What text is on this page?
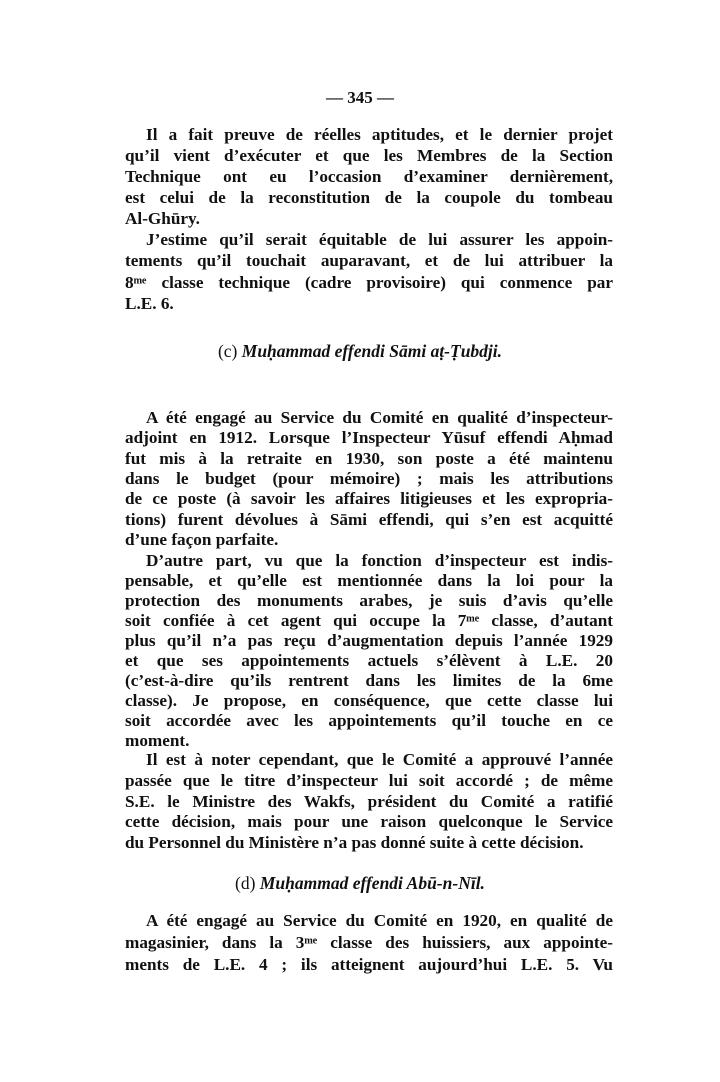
— 345 —
(c) Muḥammad effendi Sāmi aṭ-Ṭubdji.
(d) Muḥammad effendi Abū-n-Nīl.
Il a fait preuve de réelles aptitudes, et le dernier projet
qu’il vient d’exécuter et que les Membres de la Section
Technique ont eu l’occasion d’examiner dernièrement,
est celui de la reconstitution de la coupole du tombeau
Al-Ghūry.
J’estime qu’il serait équitable de lui assurer les appoin-
tements qu’il touchait auparavant, et de lui attribuer la
8ᵐᵉ classe technique (cadre provisoire) qui conmence par
L.E. 6.
A été engagé au Service du Comité en qualité d’inspecteur-
adjoint en 1912. Lorsque l’Inspecteur Yūsuf effendi Aḥmad
fut mis à la retraite en 1930, son poste a été maintenu
dans le budget (pour mémoire) ; mais les attributions
de ce poste (à savoir les affaires litigieuses et les expropria-
tions) furent dévolues à Sāmi effendi, qui s’en est acquitté
d’une façon parfaite.
D’autre part, vu que la fonction d’inspecteur est indis-
pensable, et qu’elle est mentionnée dans la loi pour la
protection des monuments arabes, je suis d’avis qu’elle
soit confiée à cet agent qui occupe la 7ᵐᵉ classe, d’autant
plus qu’il n’a pas reçu d’augmentation depuis l’année 1929
et que ses appointements actuels s’élèvent à L.E. 20
(c’est-à-dire qu’ils rentrent dans les limites de la 6me
classe). Je propose, en conséquence, que cette classe lui
soit accordée avec les appointements qu’il touche en ce
moment.
Il est à noter cependant, que le Comité a approuvé l’année
passée que le titre d’inspecteur lui soit accordé ; de même
S.E. le Ministre des Wakfs, président du Comité a ratifié
cette décision, mais pour une raison quelconque le Service
du Personnel du Ministère n’a pas donné suite à cette décision.
A été engagé au Service du Comité en 1920, en qualité de
magasinier, dans la 3ᵐᵉ classe des huissiers, aux appointe-
ments de L.E. 4 ; ils atteignent aujourd’hui L.E. 5. Vu
